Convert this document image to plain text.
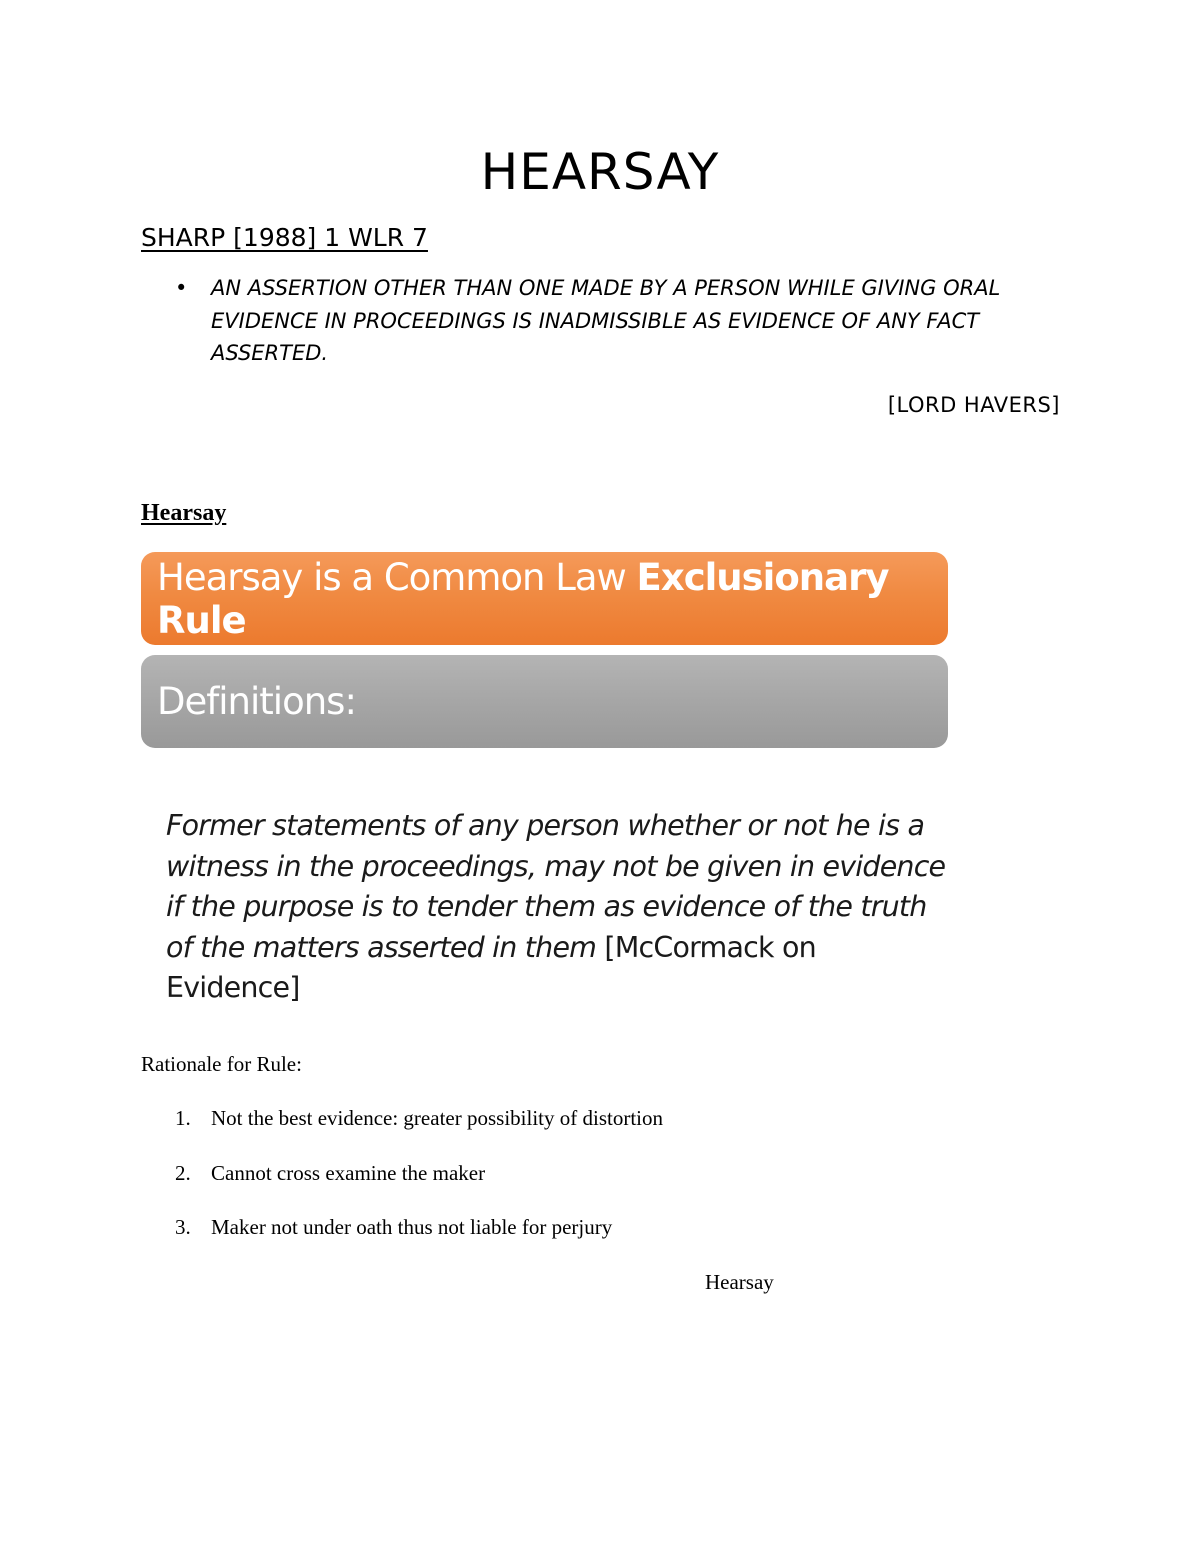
HEARSAY
SHARP [1988] 1 WLR 7
• AN ASSERTION OTHER THAN ONE MADE BY A PERSON WHILE GIVING ORAL EVIDENCE IN PROCEEDINGS IS INADMISSIBLE AS EVIDENCE OF ANY FACT ASSERTED.
[LORD HAVERS]
Hearsay
Hearsay is a Common Law Exclusionary Rule
Definitions:
Former statements of any person whether or not he is a witness in the proceedings, may not be given in evidence if the purpose is to tender them as evidence of the truth of the matters asserted in them [McCormack on Evidence]
Rationale for Rule:
1. Not the best evidence: greater possibility of distortion
2. Cannot cross examine the maker
3. Maker not under oath thus not liable for perjury
Hearsay
